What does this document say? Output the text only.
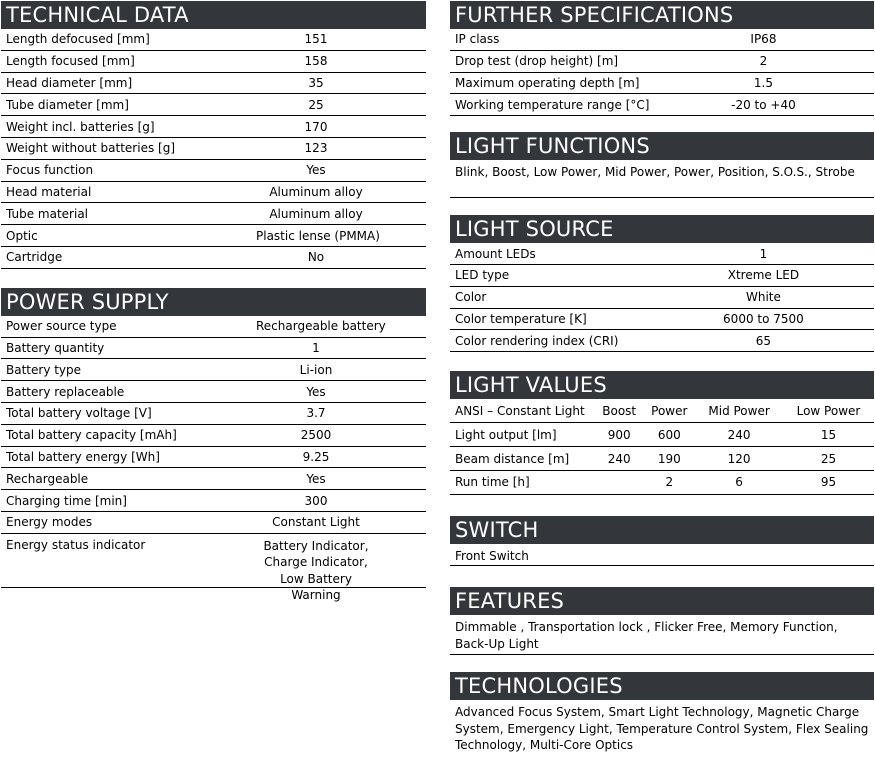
TECHNICAL DATA
Length defocused [mm]	151
Length focused [mm]	158
Head diameter [mm]	35
Tube diameter [mm]	25
Weight incl. batteries [g]	170
Weight without batteries [g]	123
Focus function	Yes
Head material	Aluminum alloy
Tube material	Aluminum alloy
Optic	Plastic lense (PMMA)
Cartridge	No
POWER SUPPLY
Power source type	Rechargeable battery
Battery quantity	1
Battery type	Li-ion
Battery replaceable	Yes
Total battery voltage [V]	3.7
Total battery capacity [mAh]	2500
Total battery energy [Wh]	9.25
Rechargeable	Yes
Charging time [min]	300
Energy modes	Constant Light
Energy status indicator	Battery Indicator,
Charge Indicator,
Low Battery Warning
FURTHER SPECIFICATIONS
IP class	IP68
Drop test (drop height) [m]	2
Maximum operating depth [m]	1.5
Working temperature range [°C]	-20 to +40
LIGHT FUNCTIONS
Blink, Boost, Low Power, Mid Power, Power, Position, S.O.S., Strobe
LIGHT SOURCE
Amount LEDs	1
LED type	Xtreme LED
Color	White
Color temperature [K]	6000 to 7500
Color rendering index (CRI)	65
LIGHT VALUES
ANSI – Constant Light	Boost	Power	Mid Power	Low Power
Light output [lm]	900	600	240	15
Beam distance [m]	240	190	120	25
Run time [h]		2	6	95
SWITCH
Front Switch
FEATURES
Dimmable , Transportation lock , Flicker Free, Memory Function, Back-Up Light
TECHNOLOGIES
Advanced Focus System, Smart Light Technology, Magnetic Charge System, Emergency Light, Temperature Control System, Flex Sealing Technology, Multi-Core Optics
